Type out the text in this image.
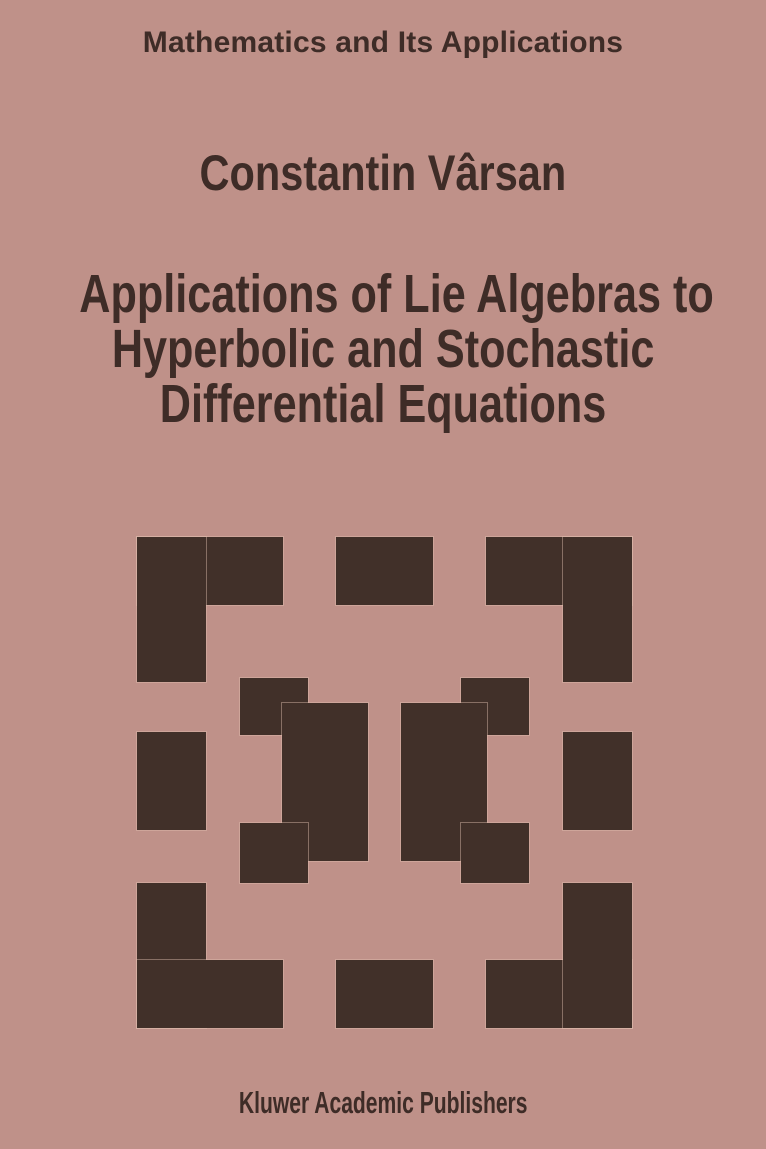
Mathematics and Its Applications
Constantin Vârsan
Applications of Lie Algebras to
Hyperbolic and Stochastic
Differential Equations
Kluwer Academic Publishers
